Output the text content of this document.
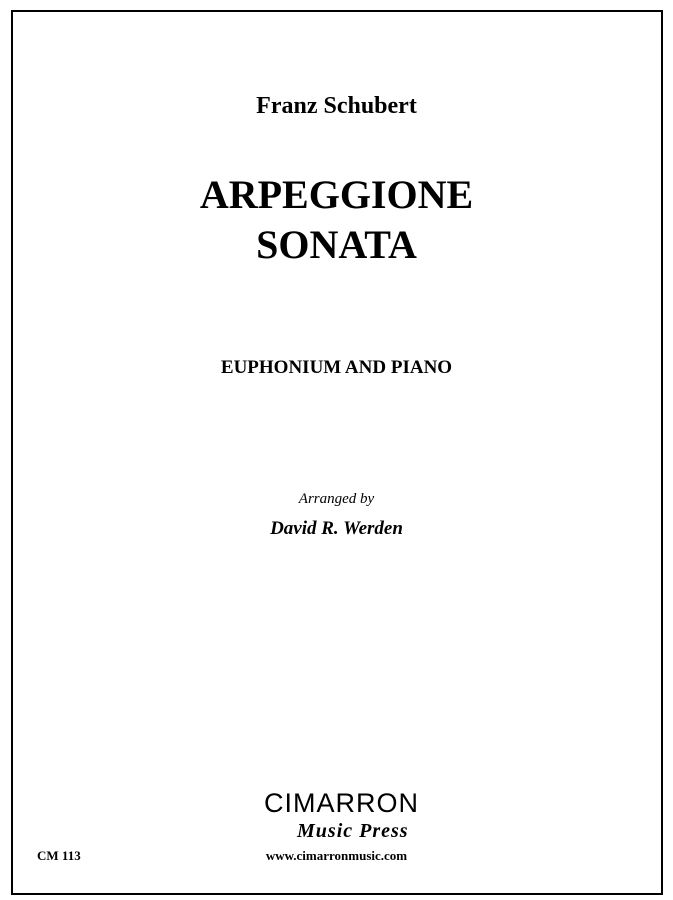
Franz Schubert
ARPEGGIONE
SONATA
EUPHONIUM AND PIANO
Arranged by
David R. Werden
CIMARRON
Music Press
www.cimarronmusic.com
CM 113
